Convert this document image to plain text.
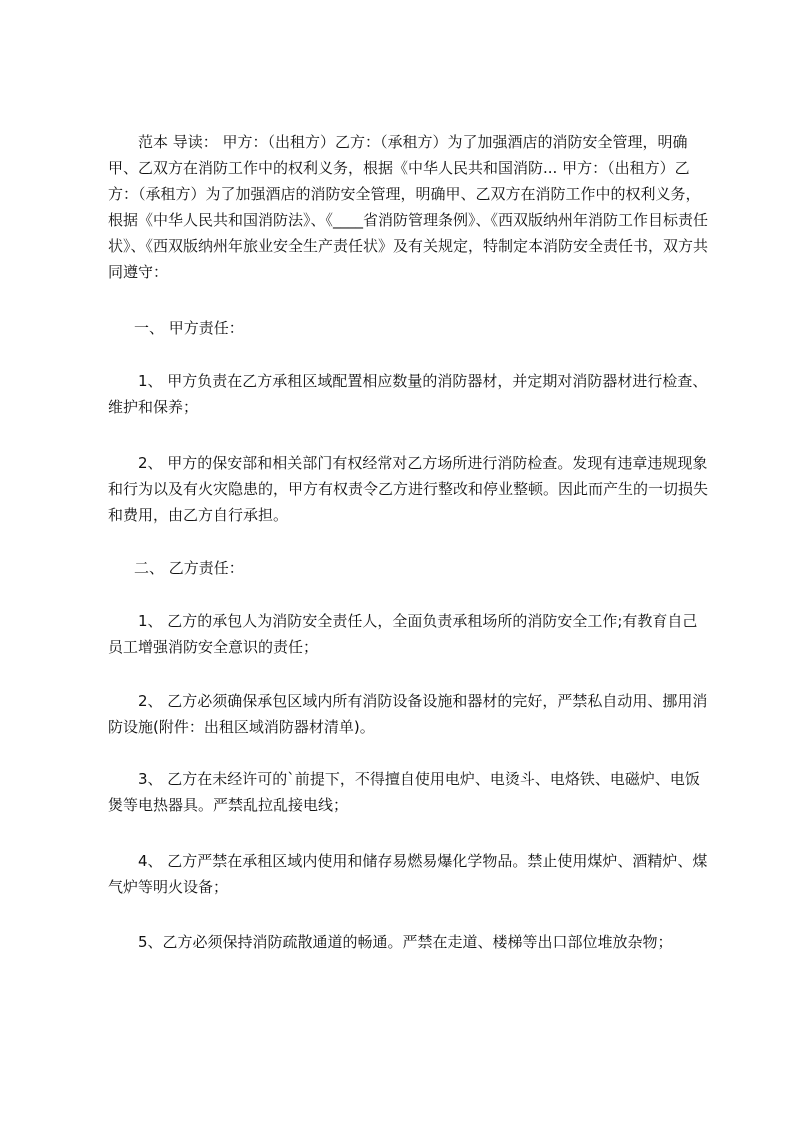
范本 导读： 甲方：（出租方）乙方：（承租方）为了加强酒店的消防安全管理，明确甲、乙双方在消防工作中的权利义务，根据《中华人民共和国消防... 甲方：（出租方）乙方：（承租方）为了加强酒店的消防安全管理，明确甲、乙双方在消防工作中的权利义务，根据《中华人民共和国消防法》、《____省消防管理条例》、《西双版纳州年消防工作目标责任状》、《西双版纳州年旅业安全生产责任状》及有关规定，特制定本消防安全责任书，双方共同遵守：

一、 甲方责任：

1、 甲方负责在乙方承租区域配置相应数量的消防器材，并定期对消防器材进行检查、维护和保养；

2、 甲方的保安部和相关部门有权经常对乙方场所进行消防检查。发现有违章违规现象和行为以及有火灾隐患的，甲方有权责令乙方进行整改和停业整顿。因此而产生的一切损失和费用，由乙方自行承担。

二、 乙方责任：

1、 乙方的承包人为消防安全责任人，全面负责承租场所的消防安全工作;有教育自己员工增强消防安全意识的责任；

2、 乙方必须确保承包区域内所有消防设备设施和器材的完好，严禁私自动用、挪用消防设施(附件：出租区域消防器材清单)。

3、 乙方在未经许可的`前提下，不得擅自使用电炉、电烫斗、电烙铁、电磁炉、电饭煲等电热器具。严禁乱拉乱接电线；

4、 乙方严禁在承租区域内使用和储存易燃易爆化学物品。禁止使用煤炉、酒精炉、煤气炉等明火设备；

5、乙方必须保持消防疏散通道的畅通。严禁在走道、楼梯等出口部位堆放杂物；
